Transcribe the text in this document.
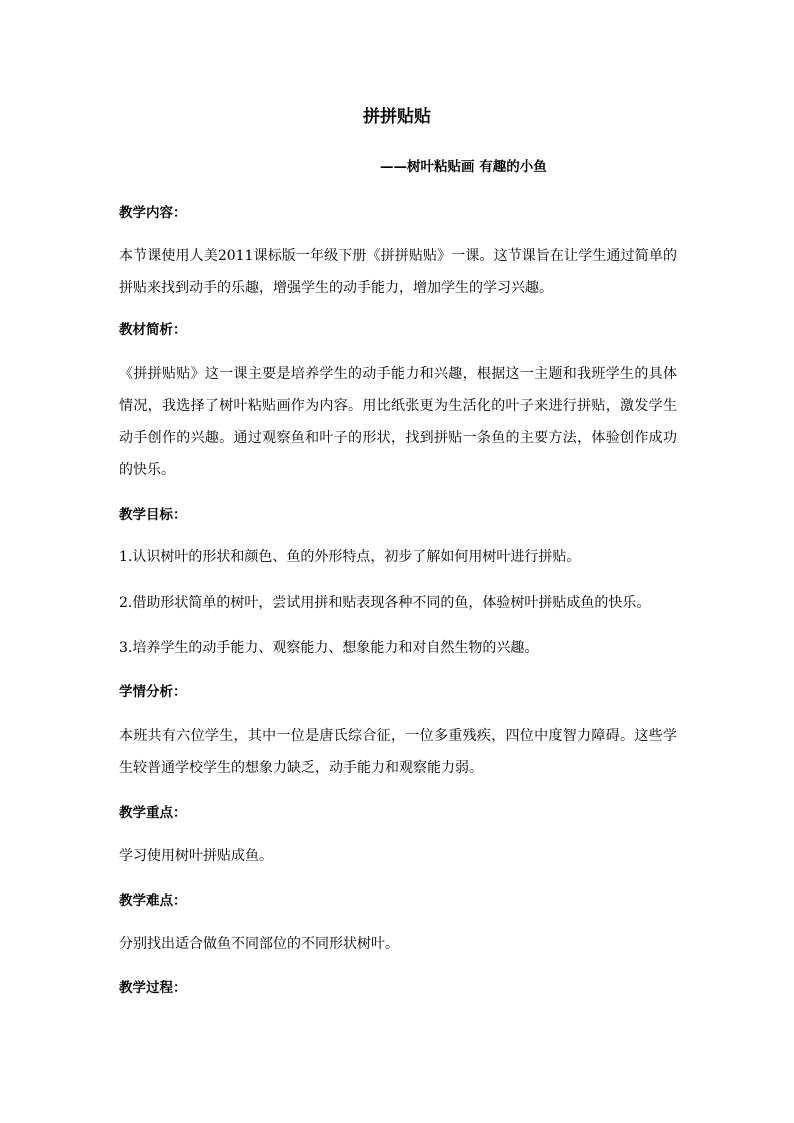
拼拼贴贴
——树叶粘贴画 有趣的小鱼
教学内容：
本节课使用人美2011课标版一年级下册《拼拼贴贴》一课。这节课旨在让学生通过简单的拼贴来找到动手的乐趣，增强学生的动手能力，增加学生的学习兴趣。
教材简析：
《拼拼贴贴》这一课主要是培养学生的动手能力和兴趣，根据这一主题和我班学生的具体情况，我选择了树叶粘贴画作为内容。用比纸张更为生活化的叶子来进行拼贴，激发学生动手创作的兴趣。通过观察鱼和叶子的形状，找到拼贴一条鱼的主要方法，体验创作成功的快乐。
教学目标：
1.认识树叶的形状和颜色、鱼的外形特点，初步了解如何用树叶进行拼贴。
2.借助形状简单的树叶，尝试用拼和贴表现各种不同的鱼，体验树叶拼贴成鱼的快乐。
3.培养学生的动手能力、观察能力、想象能力和对自然生物的兴趣。
学情分析：
本班共有六位学生，其中一位是唐氏综合征，一位多重残疾，四位中度智力障碍。这些学生较普通学校学生的想象力缺乏，动手能力和观察能力弱。
教学重点：
学习使用树叶拼贴成鱼。
教学难点：
分别找出适合做鱼不同部位的不同形状树叶。
教学过程：
